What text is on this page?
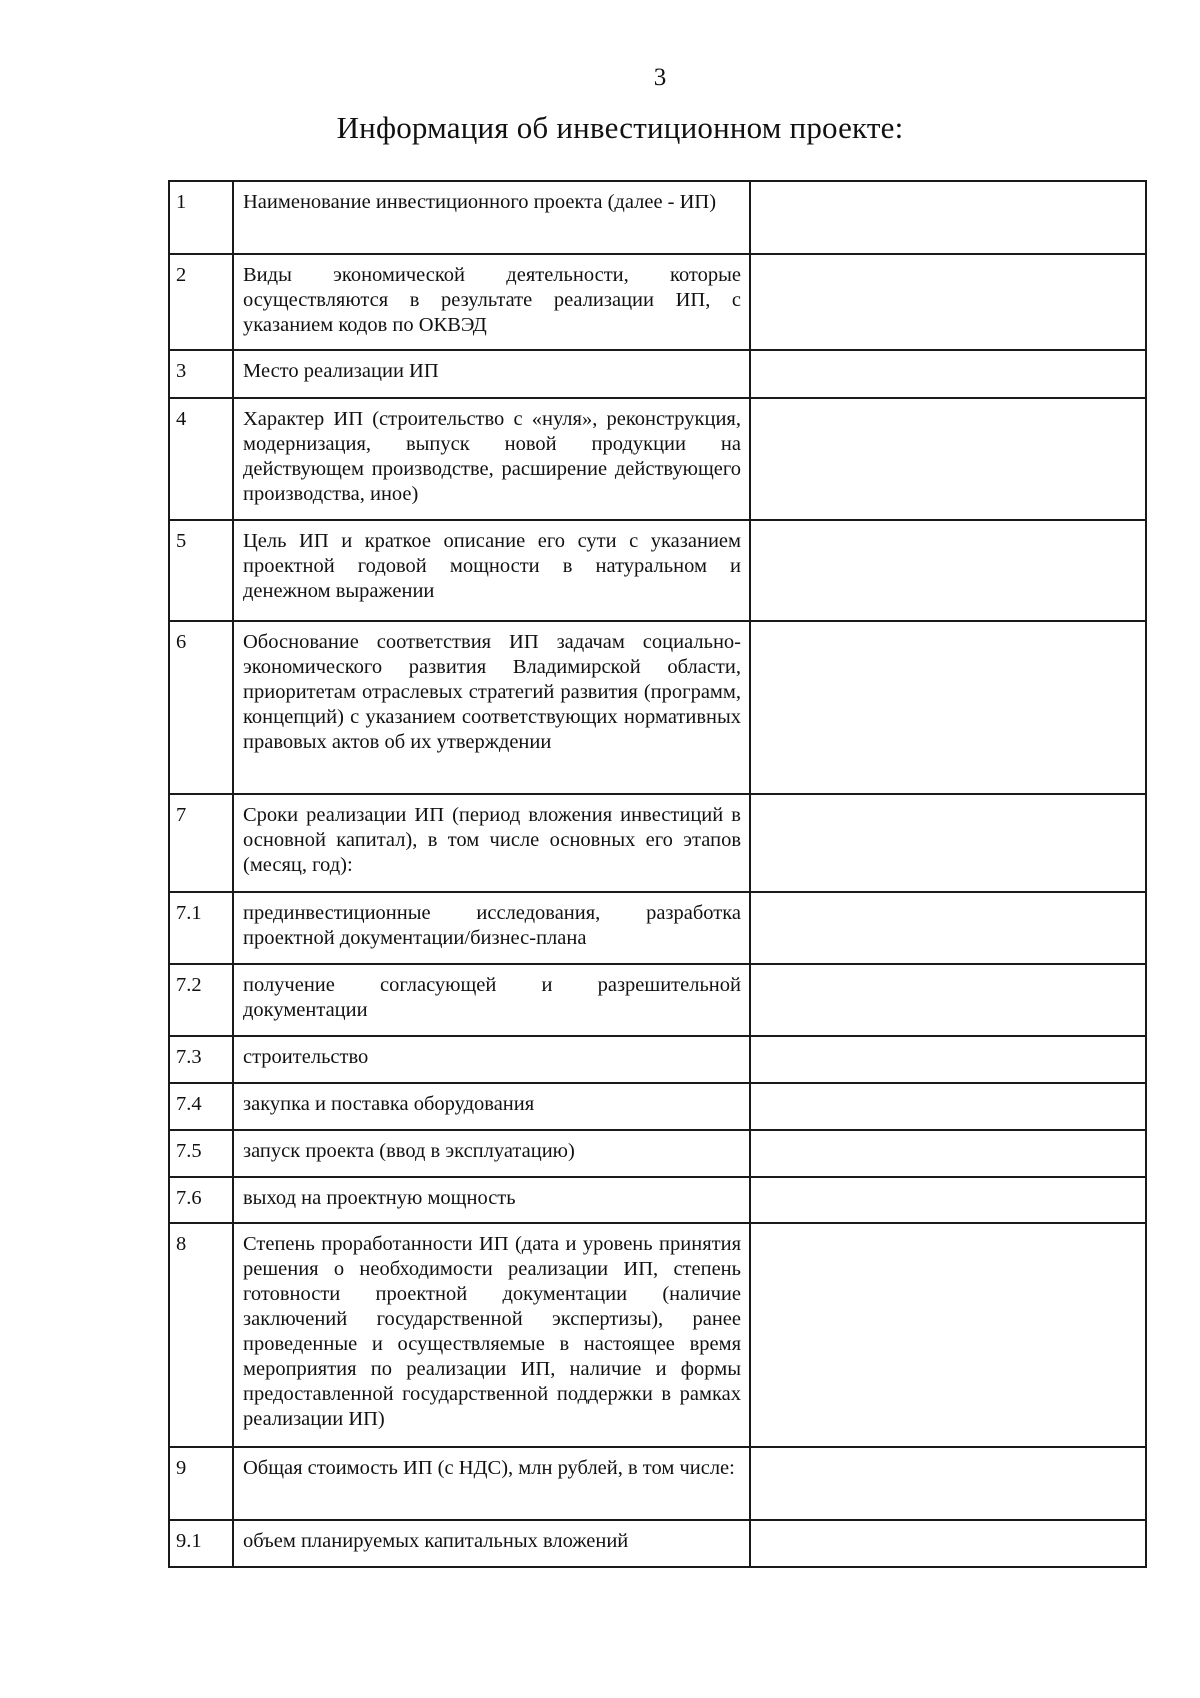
3
Информация об инвестиционном проекте:
1	Наименование инвестиционного проекта (далее - ИП)	
2	Виды экономической деятельности, которые осуществляются в результате реализации ИП, с указанием кодов по ОКВЭД	
3	Место реализации ИП	
4	Характер ИП (строительство с «нуля», реконструкция, модернизация, выпуск новой продукции на действующем производстве, расширение действующего производства, иное)	
5	Цель ИП и краткое описание его сути с указанием проектной годовой мощности в натуральном и денежном выражении	
6	Обоснование соответствия ИП задачам социально-экономического развития Владимирской области, приоритетам отраслевых стратегий развития (программ, концепций) с указанием соответствующих нормативных правовых актов об их утверждении	
7	Сроки реализации ИП (период вложения инвестиций в основной капитал), в том числе основных его этапов (месяц, год):	
7.1	прединвестиционные исследования, разработка проектной документации/бизнес-плана	
7.2	получение согласующей и разрешительной документации	
7.3	строительство	
7.4	закупка и поставка оборудования	
7.5	запуск проекта (ввод в эксплуатацию)	
7.6	выход на проектную мощность	
8	Степень проработанности ИП (дата и уровень принятия решения о необходимости реализации ИП, степень готовности проектной документации (наличие заключений государственной экспертизы), ранее проведенные и осуществляемые в настоящее время мероприятия по реализации ИП, наличие и формы предоставленной государственной поддержки в рамках реализации ИП)	
9	Общая стоимость ИП (с НДС), млн рублей, в том числе:	
9.1	объем планируемых капитальных вложений	
